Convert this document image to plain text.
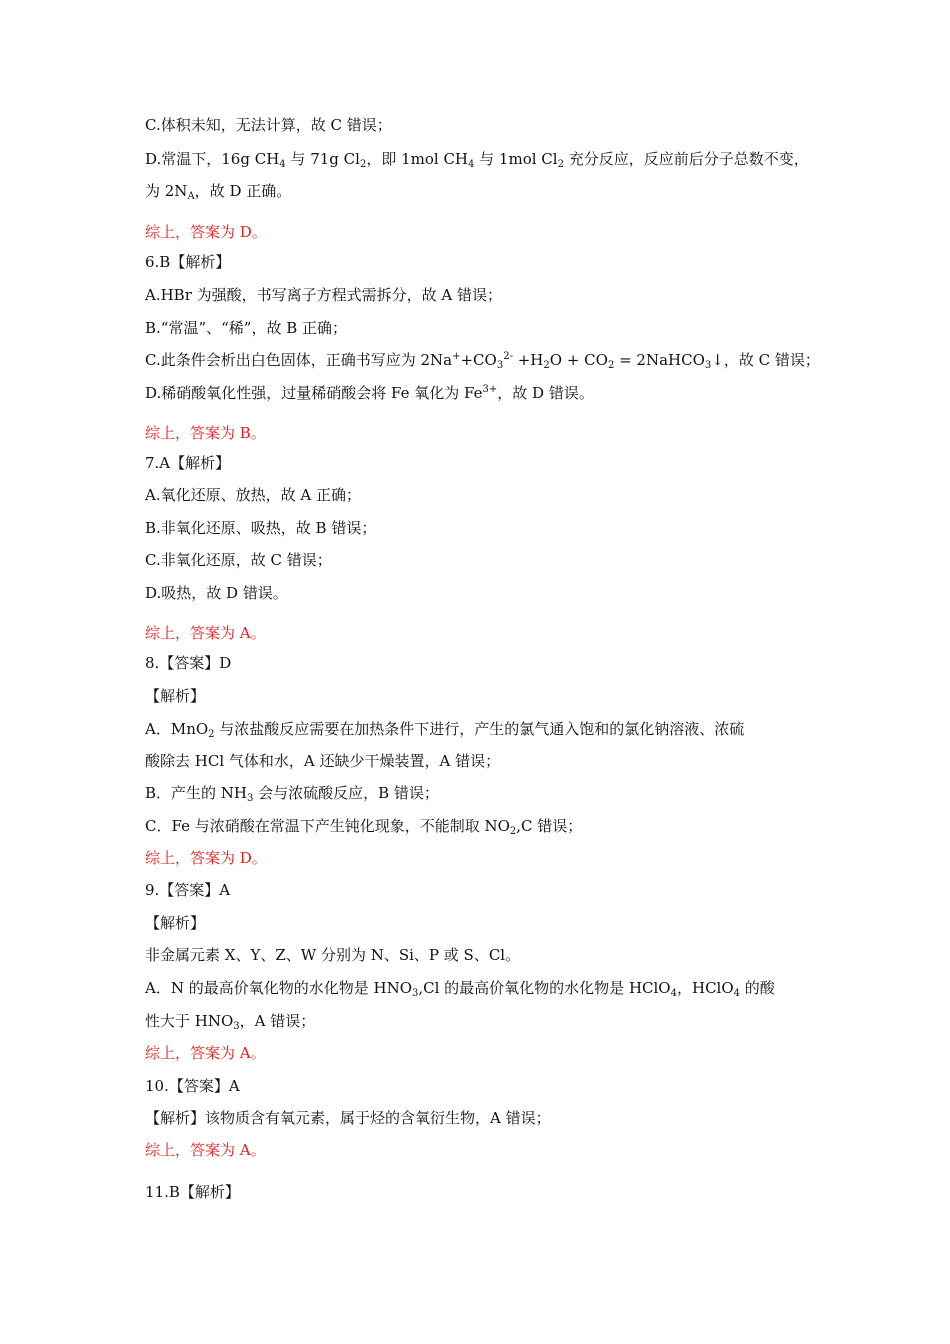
C.体积未知，无法计算，故 C 错误；
D.常温下，16g $CH_4$ 与 71g $Cl_2$，即 1mol $CH_4$ 与 1mol $Cl_2$ 充分反应，反应前后分子总数不变，
为 $2N_A$，故 D 正确。
综上，答案为 D。
6.B【解析】
A.HBr 为强酸，书写离子方程式需拆分，故 A 错误；
B.“常温”、“稀”，故 B 正确；
C.此条件会析出白色固体，正确书写应为 $2Na^++CO_3^{2-} +H_2O + CO_2$ = 2NaHCO$_3$↓，故 C 错误；
D.稀硝酸氧化性强，过量稀硝酸会将 Fe 氧化为 $Fe^{3+}$，故 D 错误。
综上，答案为 B。
7.A【解析】
A.氧化还原、放热，故 A 正确；
B.非氧化还原、吸热，故 B 错误；
C.非氧化还原，故 C 错误；
D.吸热，故 D 错误。
综上，答案为 A。
8.【答案】D
【解析】
A．MnO$_2$ 与浓盐酸反应需要在加热条件下进行，产生的氯气通入饱和的氯化钠溶液、浓硫
酸除去 HCl 气体和水，A 还缺少干燥装置，A 错误；
B．产生的 $NH_3$ 会与浓硫酸反应，B 错误；
C．Fe 与浓硝酸在常温下产生钝化现象，不能制取 $NO_2,C$ 错误；
综上，答案为 D。
9.【答案】A
【解析】
非金属元素 X、Y、Z、W 分别为 N、Si、P 或 S、Cl。
A．N 的最高价氧化物的水化物是 $HNO_3,Cl$ 的最高价氧化物的水化物是 HClO$_4$，HClO$_4$ 的酸
性大于 $HNO_3$，A 错误；
综上，答案为 A。
10.【答案】A
【解析】该物质含有氧元素，属于烃的含氧衍生物，A 错误；
综上，答案为 A。
11.B【解析】
